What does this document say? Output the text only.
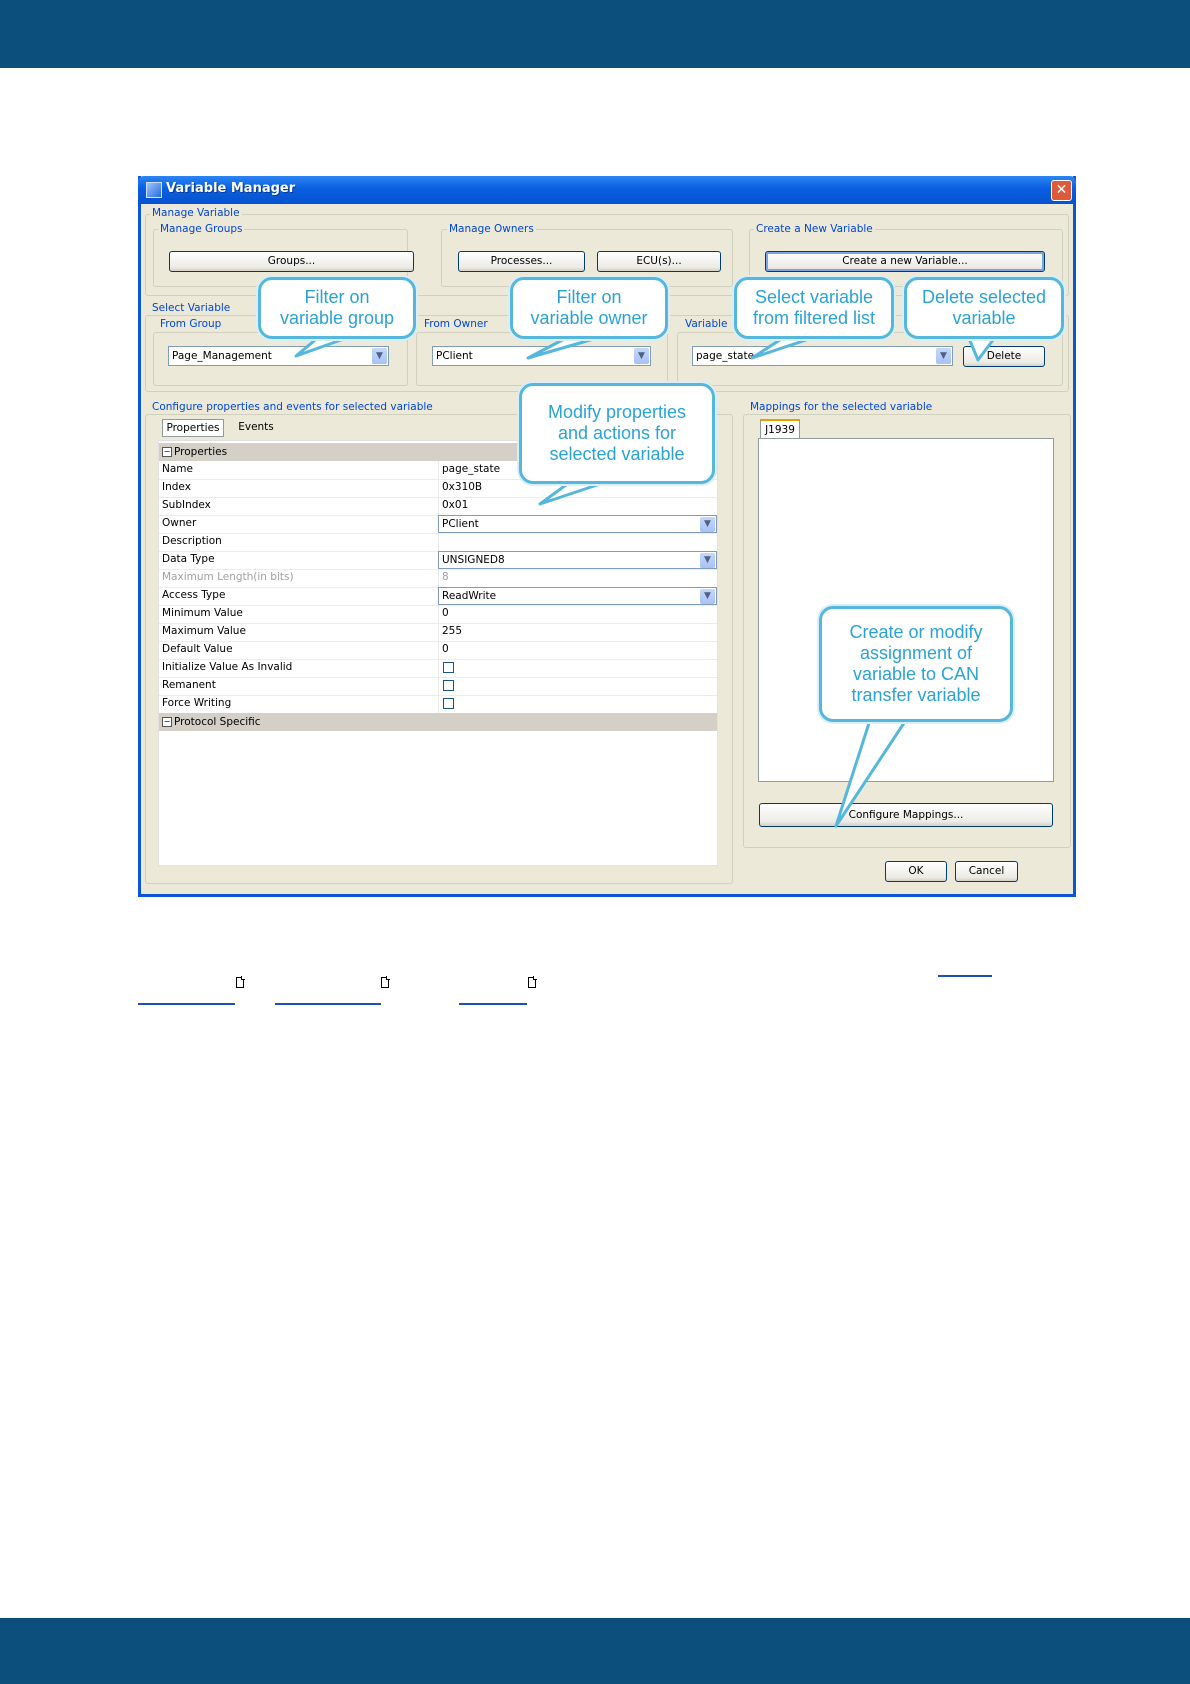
Variable Manager	✕
Manage Variable
Manage Groups
Groups...
Manage Owners
Processes...	ECU(s)...
Create a New Variable
Create a new Variable...
Select Variable
From Group
Page_Management	▼
From Owner
PClient	▼
Variable
page_state	▼	Delete
Configure properties and events for selected variable
Properties	Events
− Properties
Name	page_state
Index	0x310B
SubIndex	0x01
Owner	PClient	▼
Description
Data Type	UNSIGNED8	▼
Maximum Length(in bits)	8
Access Type	ReadWrite	▼
Minimum Value	0
Maximum Value	255
Default Value	0
Initialize Value As Invalid
Remanent
Force Writing
− Protocol Specific
Mappings for the selected variable
J1939
Configure Mappings...
OK	Cancel
Filter on
variable group
Filter on
variable owner
Select variable
from filtered list
Delete selected
variable
Modify properties
and actions for
selected variable
Create or modify
assignment of
variable to CAN
transfer variable
